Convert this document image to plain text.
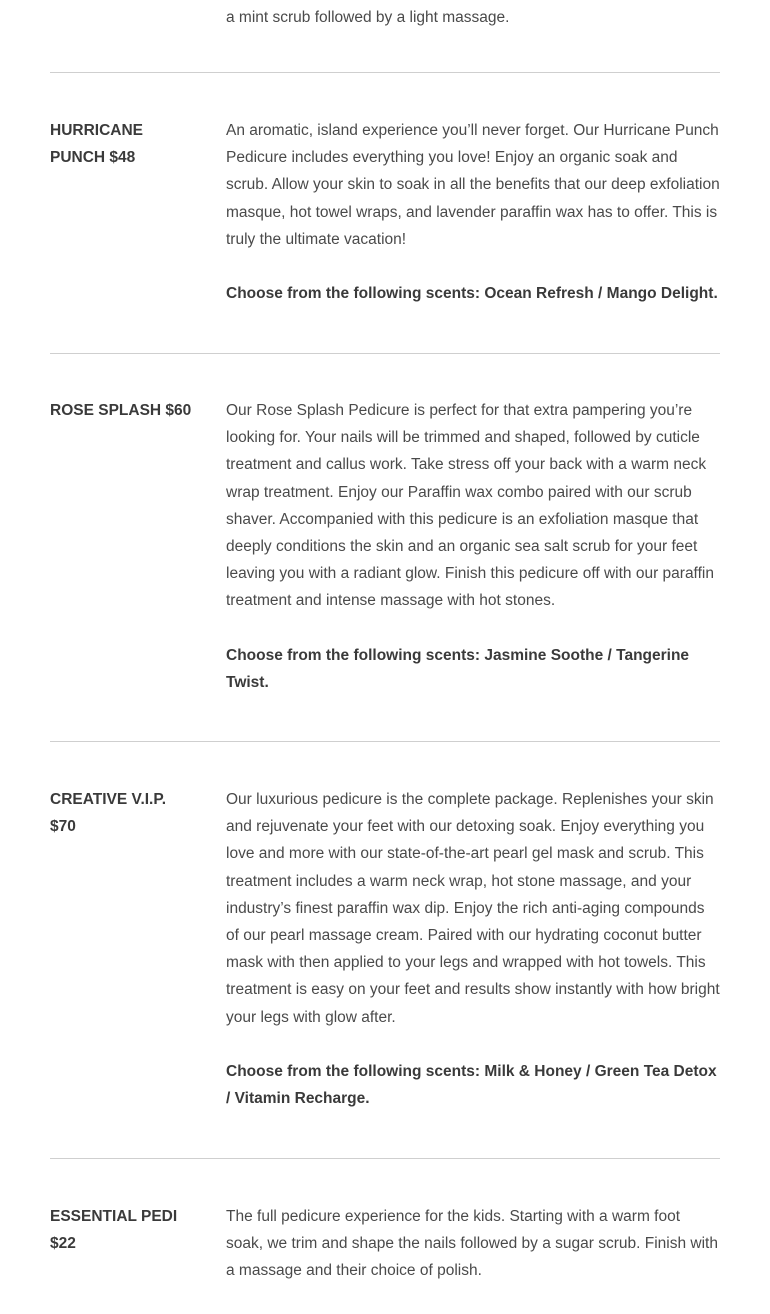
a mint scrub followed by a light massage.

HURRICANE PUNCH $48

An aromatic, island experience you’ll never forget. Our Hurricane Punch Pedicure includes everything you love! Enjoy an organic soak and scrub. Allow your skin to soak in all the benefits that our deep exfoliation masque, hot towel wraps, and lavender paraffin wax has to offer. This is truly the ultimate vacation!

Choose from the following scents: Ocean Refresh / Mango Delight.

ROSE SPLASH $60	Our Rose Splash Pedicure is perfect for that extra pampering you’re looking for. Your nails will be trimmed and shaped, followed by cuticle treatment and callus work. Take stress off your back with a warm neck wrap treatment. Enjoy our Paraffin wax combo paired with our scrub shaver. Accompanied with this pedicure is an exfoliation masque that deeply conditions the skin and an organic sea salt scrub for your feet leaving you with a radiant glow. Finish this pedicure off with our paraffin treatment and intense massage with hot stones.

Choose from the following scents: Jasmine Soothe / Tangerine Twist.

CREATIVE V.I.P. $70

Our luxurious pedicure is the complete package. Replenishes your skin and rejuvenate your feet with our detoxing soak. Enjoy everything you love and more with our state-of-the-art pearl gel mask and scrub. This treatment includes a warm neck wrap, hot stone massage, and your industry’s finest paraffin wax dip. Enjoy the rich anti-aging compounds of our pearl massage cream. Paired with our hydrating coconut butter mask with then applied to your legs and wrapped with hot towels. This treatment is easy on your feet and results show instantly with how bright your legs with glow after.

Choose from the following scents: Milk & Honey / Green Tea Detox / Vitamin Recharge.

ESSENTIAL PEDI $22

The full pedicure experience for the kids. Starting with a warm foot soak, we trim and shape the nails followed by a sugar scrub. Finish with a massage and their choice of polish.
